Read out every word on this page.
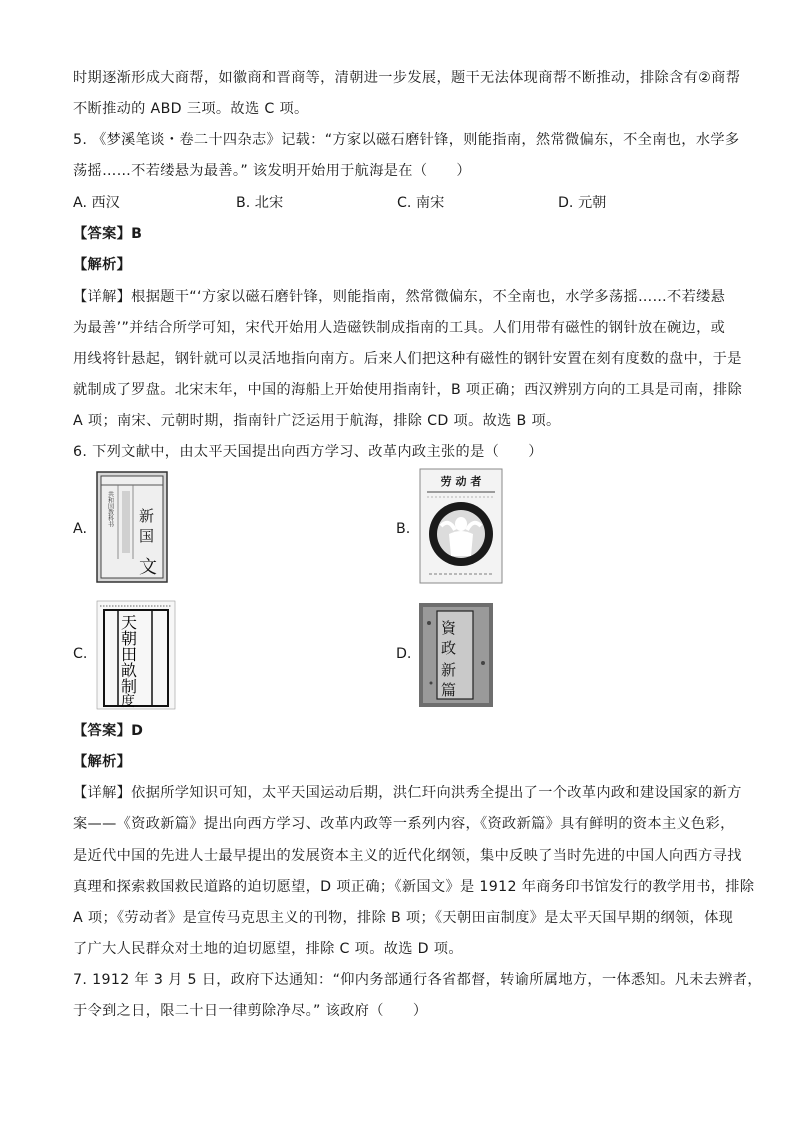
时期逐渐形成大商帮，如徽商和晋商等，清朝进一步发展，题干无法体现商帮不断推动，排除含有②商帮
不断推动的 ABD 三项。故选 C 项。
5. 《梦溪笔谈・卷二十四杂志》记载：“方家以磁石磨针锋，则能指南，然常微偏东，不全南也，水学多
荡摇……不若缕悬为最善。” 该发明开始用于航海是在（　　）
A. 西汉	B. 北宋	C. 南宋	D. 元朝
【答案】B
【解析】
【详解】根据题干“‘方家以磁石磨针锋，则能指南，然常微偏东，不全南也，水学多荡摇……不若缕悬
为最善’”并结合所学可知，宋代开始用人造磁铁制成指南的工具。人们用带有磁性的钢针放在碗边，或
用线将针悬起，钢针就可以灵活地指向南方。后来人们把这种有磁性的钢针安置在刻有度数的盘中，于是
就制成了罗盘。北宋末年，中国的海船上开始使用指南针，B 项正确；西汉辨别方向的工具是司南，排除
A 项；南宋、元朝时期，指南针广泛运用于航海，排除 CD 项。故选 B 项。
6. 下列文献中，由太平天国提出向西方学习、改革内政主张的是（　　）
A.
共和国教科书 新
国
文
B.
劳 动 者
C.
天
朝
田
畝
制
度
D.
資
政
新
篇
【答案】D
【解析】
【详解】依据所学知识可知，太平天国运动后期，洪仁玕向洪秀全提出了一个改革内政和建设国家的新方
案——《资政新篇》提出向西方学习、改革内政等一系列内容，《资政新篇》具有鲜明的资本主义色彩，
是近代中国的先进人士最早提出的发展资本主义的近代化纲领，集中反映了当时先进的中国人向西方寻找
真理和探索救国救民道路的迫切愿望，D 项正确；《新国文》是 1912 年商务印书馆发行的教学用书，排除
A 项；《劳动者》是宣传马克思主义的刊物，排除 B 项；《天朝田亩制度》是太平天国早期的纲领，体现
了广大人民群众对土地的迫切愿望，排除 C 项。故选 D 项。
7. 1912 年 3 月 5 日，政府下达通知：“仰内务部通行各省都督，转谕所属地方，一体悉知。凡未去辨者，
于令到之日，限二十日一律剪除净尽。” 该政府（　　）
